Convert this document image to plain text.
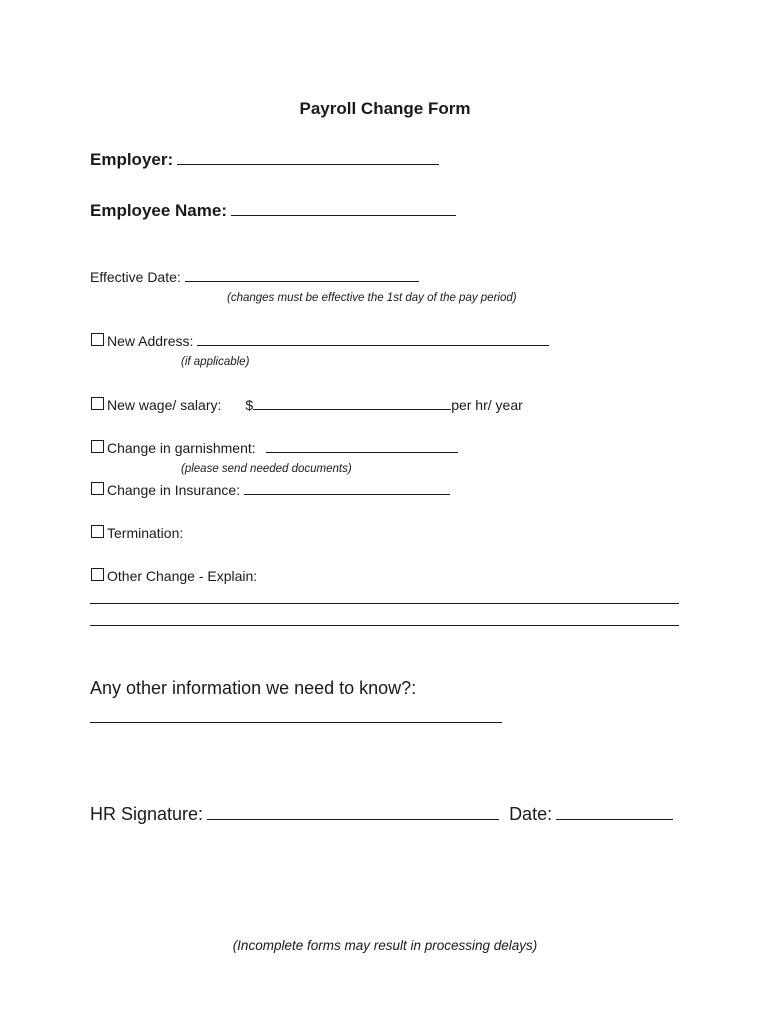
Payroll Change Form
Employer:
Employee Name:
Effective Date:
(changes must be effective the 1st day of the pay period)
New Address:
(if applicable)
New wage/ salary: $	per hr/ year
Change in garnishment:
(please send needed documents)
Change in Insurance:
Termination:
Other Change - Explain:
Any other information we need to know?:
HR Signature:	Date:
(Incomplete forms may result in processing delays)
